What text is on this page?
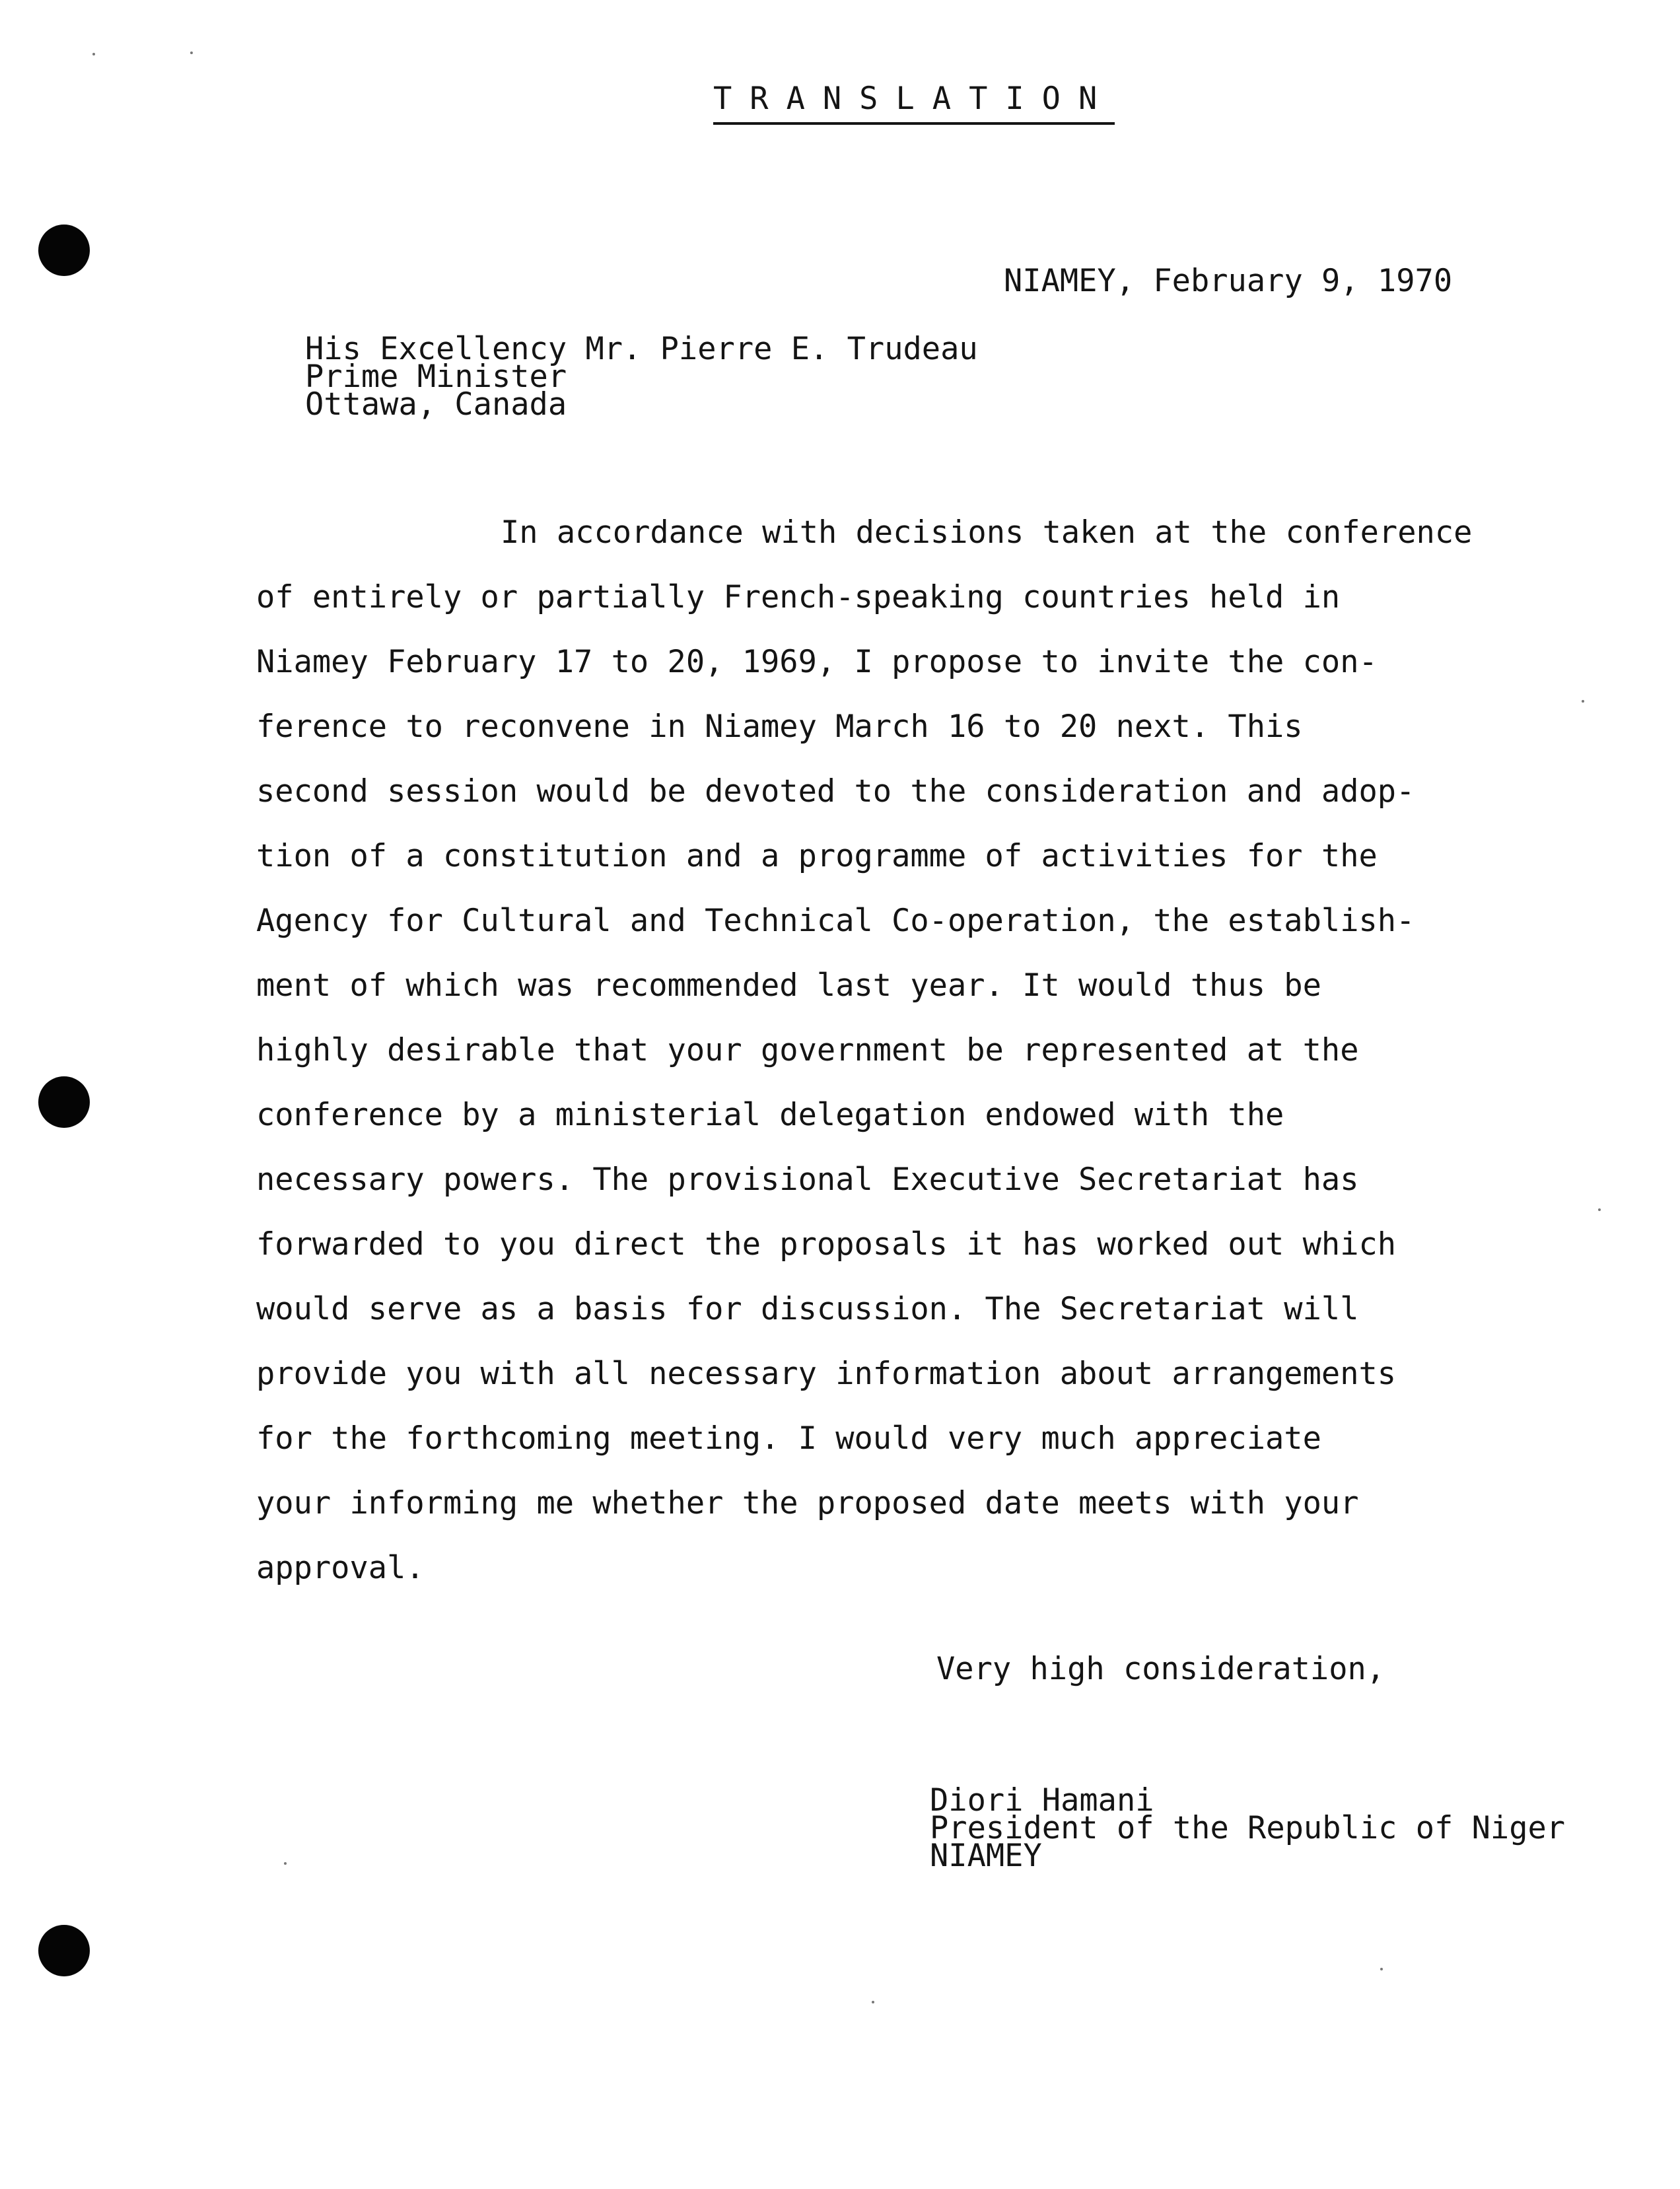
TRANSLATION
NIAMEY, February 9, 1970
His Excellency Mr. Pierre E. Trudeau
Prime Minister
Ottawa, Canada
In accordance with decisions taken at the conference
of entirely or partially French-speaking countries held in
Niamey February 17 to 20, 1969, I propose to invite the con-
ference to reconvene in Niamey March 16 to 20 next. This
second session would be devoted to the consideration and adop-
tion of a constitution and a programme of activities for the
Agency for Cultural and Technical Co-operation, the establish-
ment of which was recommended last year. It would thus be
highly desirable that your government be represented at the
conference by a ministerial delegation endowed with the
necessary powers. The provisional Executive Secretariat has
forwarded to you direct the proposals it has worked out which
would serve as a basis for discussion. The Secretariat will
provide you with all necessary information about arrangements
for the forthcoming meeting. I would very much appreciate
your informing me whether the proposed date meets with your
approval.
Very high consideration,
Diori Hamani
President of the Republic of Niger
NIAMEY
